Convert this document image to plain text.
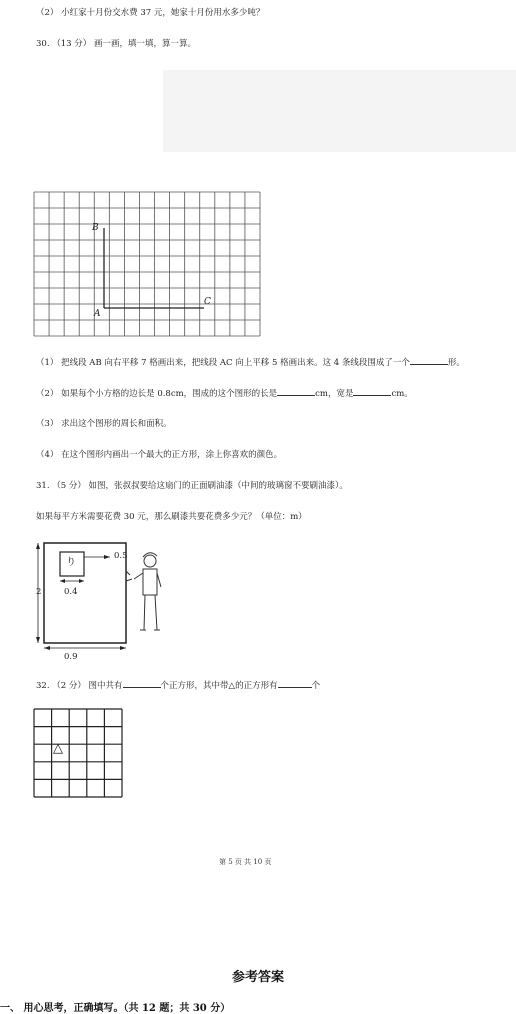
（2） 小红家十月份交水费 37 元，她家十月份用水多少吨？
30. （13 分） 画一画，填一填，算一算。
B
A
C
（1） 把线段 AB 向右平移 7 格画出来，把线段 AC 向上平移 5 格画出来。这 4 条线段围成了一个	形。
（2） 如果每个小方格的边长是 0.8cm，围成的这个图形的长是	cm，宽是	cm。
（3） 求出这个图形的周长和面积。
（4） 在这个图形内画出一个最大的正方形，涂上你喜欢的颜色。
31. （5 分） 如图，张叔叔要给这扇门的正面刷油漆（中间的玻璃窗不要刷油漆）。
如果每平方米需要花费 30 元，那么刷漆共要花费多少元？（单位：m）
り
0.5
0.4
2
0.9
32. （2 分） 图中共有	个正方形，其中带△的正方形有	个
△
第 5 页 共 10 页
参考答案
一、 用心思考，正确填写。（共 12 题；共 30 分）
